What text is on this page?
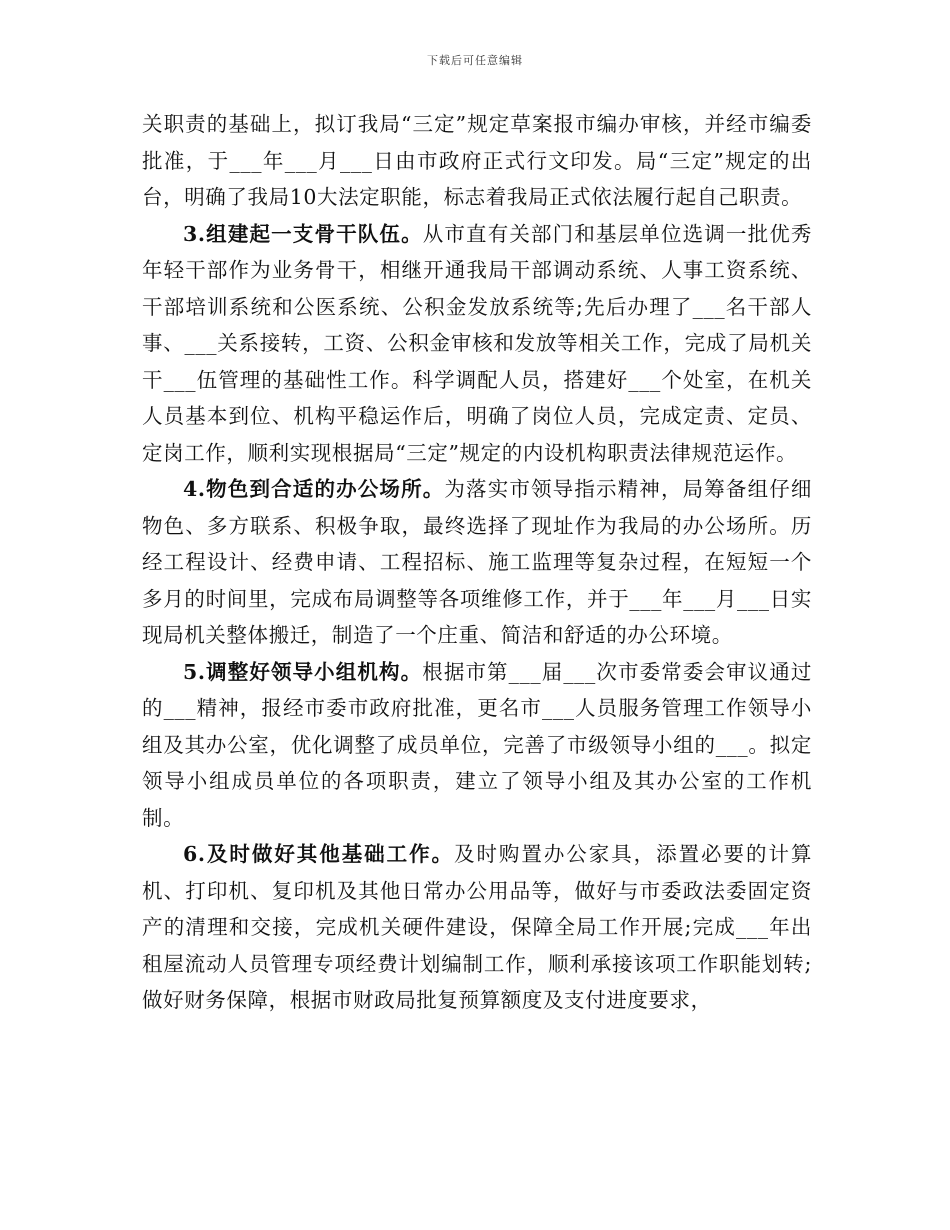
下载后可任意编辑

关职责的基础上，拟订我局“三定”规定草案报市编办审核，并经市编委批准，于___年___月___日由市政府正式行文印发。局“三定”规定的出台，明确了我局10大法定职能，标志着我局正式依法履行起自己职责。

3.组建起一支骨干队伍。从市直有关部门和基层单位选调一批优秀年轻干部作为业务骨干，相继开通我局干部调动系统、人事工资系统、干部培训系统和公医系统、公积金发放系统等;先后办理了___名干部人事、___关系接转，工资、公积金审核和发放等相关工作，完成了局机关干___伍管理的基础性工作。科学调配人员，搭建好___个处室，在机关人员基本到位、机构平稳运作后，明确了岗位人员，完成定责、定员、定岗工作，顺利实现根据局“三定”规定的内设机构职责法律规范运作。

4.物色到合适的办公场所。为落实市领导指示精神，局筹备组仔细物色、多方联系、积极争取，最终选择了现址作为我局的办公场所。历经工程设计、经费申请、工程招标、施工监理等复杂过程，在短短一个多月的时间里，完成布局调整等各项维修工作，并于___年___月___日实现局机关整体搬迁，制造了一个庄重、简洁和舒适的办公环境。

5.调整好领导小组机构。根据市第___届___次市委常委会审议通过的___精神，报经市委市政府批准，更名市___人员服务管理工作领导小组及其办公室，优化调整了成员单位，完善了市级领导小组的___。拟定领导小组成员单位的各项职责，建立了领导小组及其办公室的工作机制。

6.及时做好其他基础工作。及时购置办公家具，添置必要的计算机、打印机、复印机及其他日常办公用品等，做好与市委政法委固定资产的清理和交接，完成机关硬件建设，保障全局工作开展;完成___年出租屋流动人员管理专项经费计划编制工作，顺利承接该项工作职能划转;做好财务保障，根据市财政局批复预算额度及支付进度要求，
